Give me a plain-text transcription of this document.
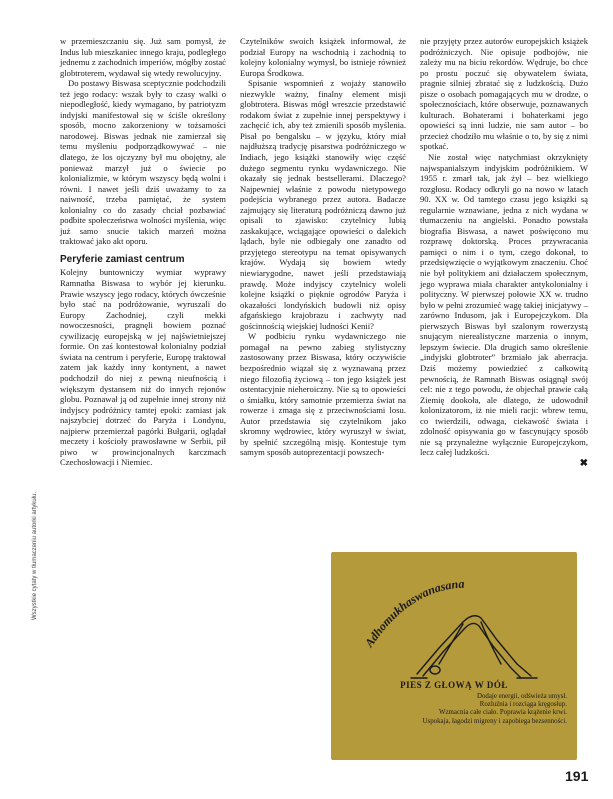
Wszystkie cytaty w tłumaczeniu autorki artykułu.

w przemieszczaniu się. Już sam pomysł, że Indus lub mieszkaniec innego kraju, podległego jednemu z zachodnich imperiów, mógłby zostać globtroterem, wydawał się wtedy rewolucyjny.

Do postawy Biswasa sceptycznie podchodzili też jego rodacy: wszak były to czasy walki o niepodległość, kiedy wymagano, by patriotyzm indyjski manifestował się w ściśle określony sposób, mocno zakorzeniony w tożsamości narodowej. Biswas jednak nie zamierzał się temu myśleniu podporządkowywać – nie dlatego, że los ojczyzny był mu obojętny, ale ponieważ marzył już o świecie po kolonializmie, w którym wszyscy będą wolni i równi. I nawet jeśli dziś uważamy to za naiwność, trzeba pamiętać, że system kolonialny co do zasady chciał pozbawiać podbite społeczeństwa wolności myślenia, więc już samo snucie takich marzeń można traktować jako akt oporu.

Peryferie zamiast centrum

Kolejny buntowniczy wymiar wyprawy Ramnatha Biswasa to wybór jej kierunku. Prawie wszyscy jego rodacy, których ówcześnie było stać na podróżowanie, wyruszali do Europy Zachodniej, czyli mekki nowoczesności, pragnęli bowiem poznać cywilizację europejską w jej najświetniejszej formie. On zaś kontestował kolonialny podział świata na centrum i peryferie, Europę traktował zatem jak każdy inny kontynent, a nawet podchodził do niej z pewną nieufnością i większym dystansem niż do innych rejonów globu. Poznawał ją od zupełnie innej strony niż indyjscy podróżnicy tamtej epoki: zamiast jak najszybciej dotrzeć do Paryża i Londynu, najpierw przemierzał pagórki Bułgarii, oglądał meczety i kościoły prawosławne w Serbii, pił piwo w prowincjonalnych karczmach Czechosłowacji i Niemiec.

Czytelników swoich książek informował, że podział Europy na wschodnią i zachodnią to kolejny kolonialny wymysł, bo istnieje również Europa Środkowa.

Spisanie wspomnień z wojaży stanowiło niezwykle ważny, finalny element misji globtrotera. Biswas mógł wreszcie przedstawić rodakom świat z zupełnie innej perspektywy i zachęcić ich, aby też zmienili sposób myślenia. Pisał po bengalsku – w języku, który miał najdłuższą tradycję pisarstwa podróżniczego w Indiach, jego książki stanowiły więc część dużego segmentu rynku wydawniczego. Nie okazały się jednak bestsellerami. Dlaczego? Najpewniej właśnie z powodu nietypowego podejścia wybranego przez autora. Badacze zajmujący się literaturą podróżniczą dawno już opisali to zjawisko: czytelnicy lubią zaskakujące, wciągające opowieści o dalekich lądach, byle nie odbiegały one zanadto od przyjętego stereotypu na temat opisywanych krajów. Wydają się bowiem wtedy niewiarygodne, nawet jeśli przedstawiają prawdę. Może indyjscy czytelnicy woleli kolejne książki o pięknie ogrodów Paryża i okazałości londyńskich budowli niż opisy afgańskiego krajobrazu i zachwyty nad gościnnością wiejskiej ludności Kenii?

W podbiciu rynku wydawniczego nie pomagał na pewno zabieg stylistyczny zastosowany przez Biswasa, który oczywiście bezpośrednio wiązał się z wyznawaną przez niego filozofią życiową – ton jego książek jest ostentacyjnie nieheroiczny. Nie są to opowieści o śmiałku, który samotnie przemierza świat na rowerze i zmaga się z przeciwnościami losu. Autor przedstawia się czytelnikom jako skromny wędrowiec, który wyruszył w świat, by spełnić szczególną misję. Kontestuje tym samym sposób autoprezentacji powszech-

nie przyjęty przez autorów europejskich książek podróżniczych. Nie opisuje podbojów, nie zależy mu na biciu rekordów. Wędruje, bo chce po prostu poczuć się obywatelem świata, pragnie silniej zbratać się z ludzkością. Dużo pisze o osobach pomagających mu w drodze, o społecznościach, które obserwuje, poznawanych kulturach. Bohaterami i bohaterkami jego opowieści są inni ludzie, nie sam autor – bo przecież chodziło mu właśnie o to, by się z nimi spotkać.

Nie został więc natychmiast okrzyknięty najwspanialszym indyjskim podróżnikiem. W 1955 r. zmarł tak, jak żył – bez wielkiego rozgłosu. Rodacy odkryli go na nowo w latach 90. XX w. Od tamtego czasu jego książki są regularnie wznawiane, jedna z nich wydana w tłumaczeniu na angielski. Ponadto powstała biografia Biswasa, a nawet poświęcono mu rozprawę doktorską. Proces przywracania pamięci o nim i o tym, czego dokonał, to przedsięwzięcie o wyjątkowym znaczeniu. Choć nie był politykiem ani działaczem społecznym, jego wyprawa miała charakter antykolonialny i polityczny. W pierwszej połowie XX w. trudno było w pełni zrozumieć wagę takiej inicjatywy – zarówno Indusom, jak i Europejczykom. Dla pierwszych Biswas był szalonym rowerzystą snującym nierealistyczne marzenia o innym, lepszym świecie. Dla drugich samo określenie „indyjski globtroter” brzmiało jak aberracja. Dziś możemy powiedzieć z całkowitą pewnością, że Ramnath Biswas osiągnął swój cel: nie z tego powodu, że objechał prawie całą Ziemię dookoła, ale dlatego, że udowodnił kolonizatorom, iż nie mieli racji: wbrew temu, co twierdzili, odwaga, ciekawość świata i zdolność opisywania go w fascynujący sposób nie są przynależne wyłącznie Europejczykom, lecz całej ludzkości.

✖
Adhomukhaswanasana
PIES Z GŁOWĄ W DÓŁ
Dodaje energii, odświeża umysł.
Rozluźnia i rozciąga kręgosłup.
Wzmacnia całe ciało. Poprawia krążenie krwi.
Uspokaja, łagodzi migreny i zapobiega bezsenności.
191
